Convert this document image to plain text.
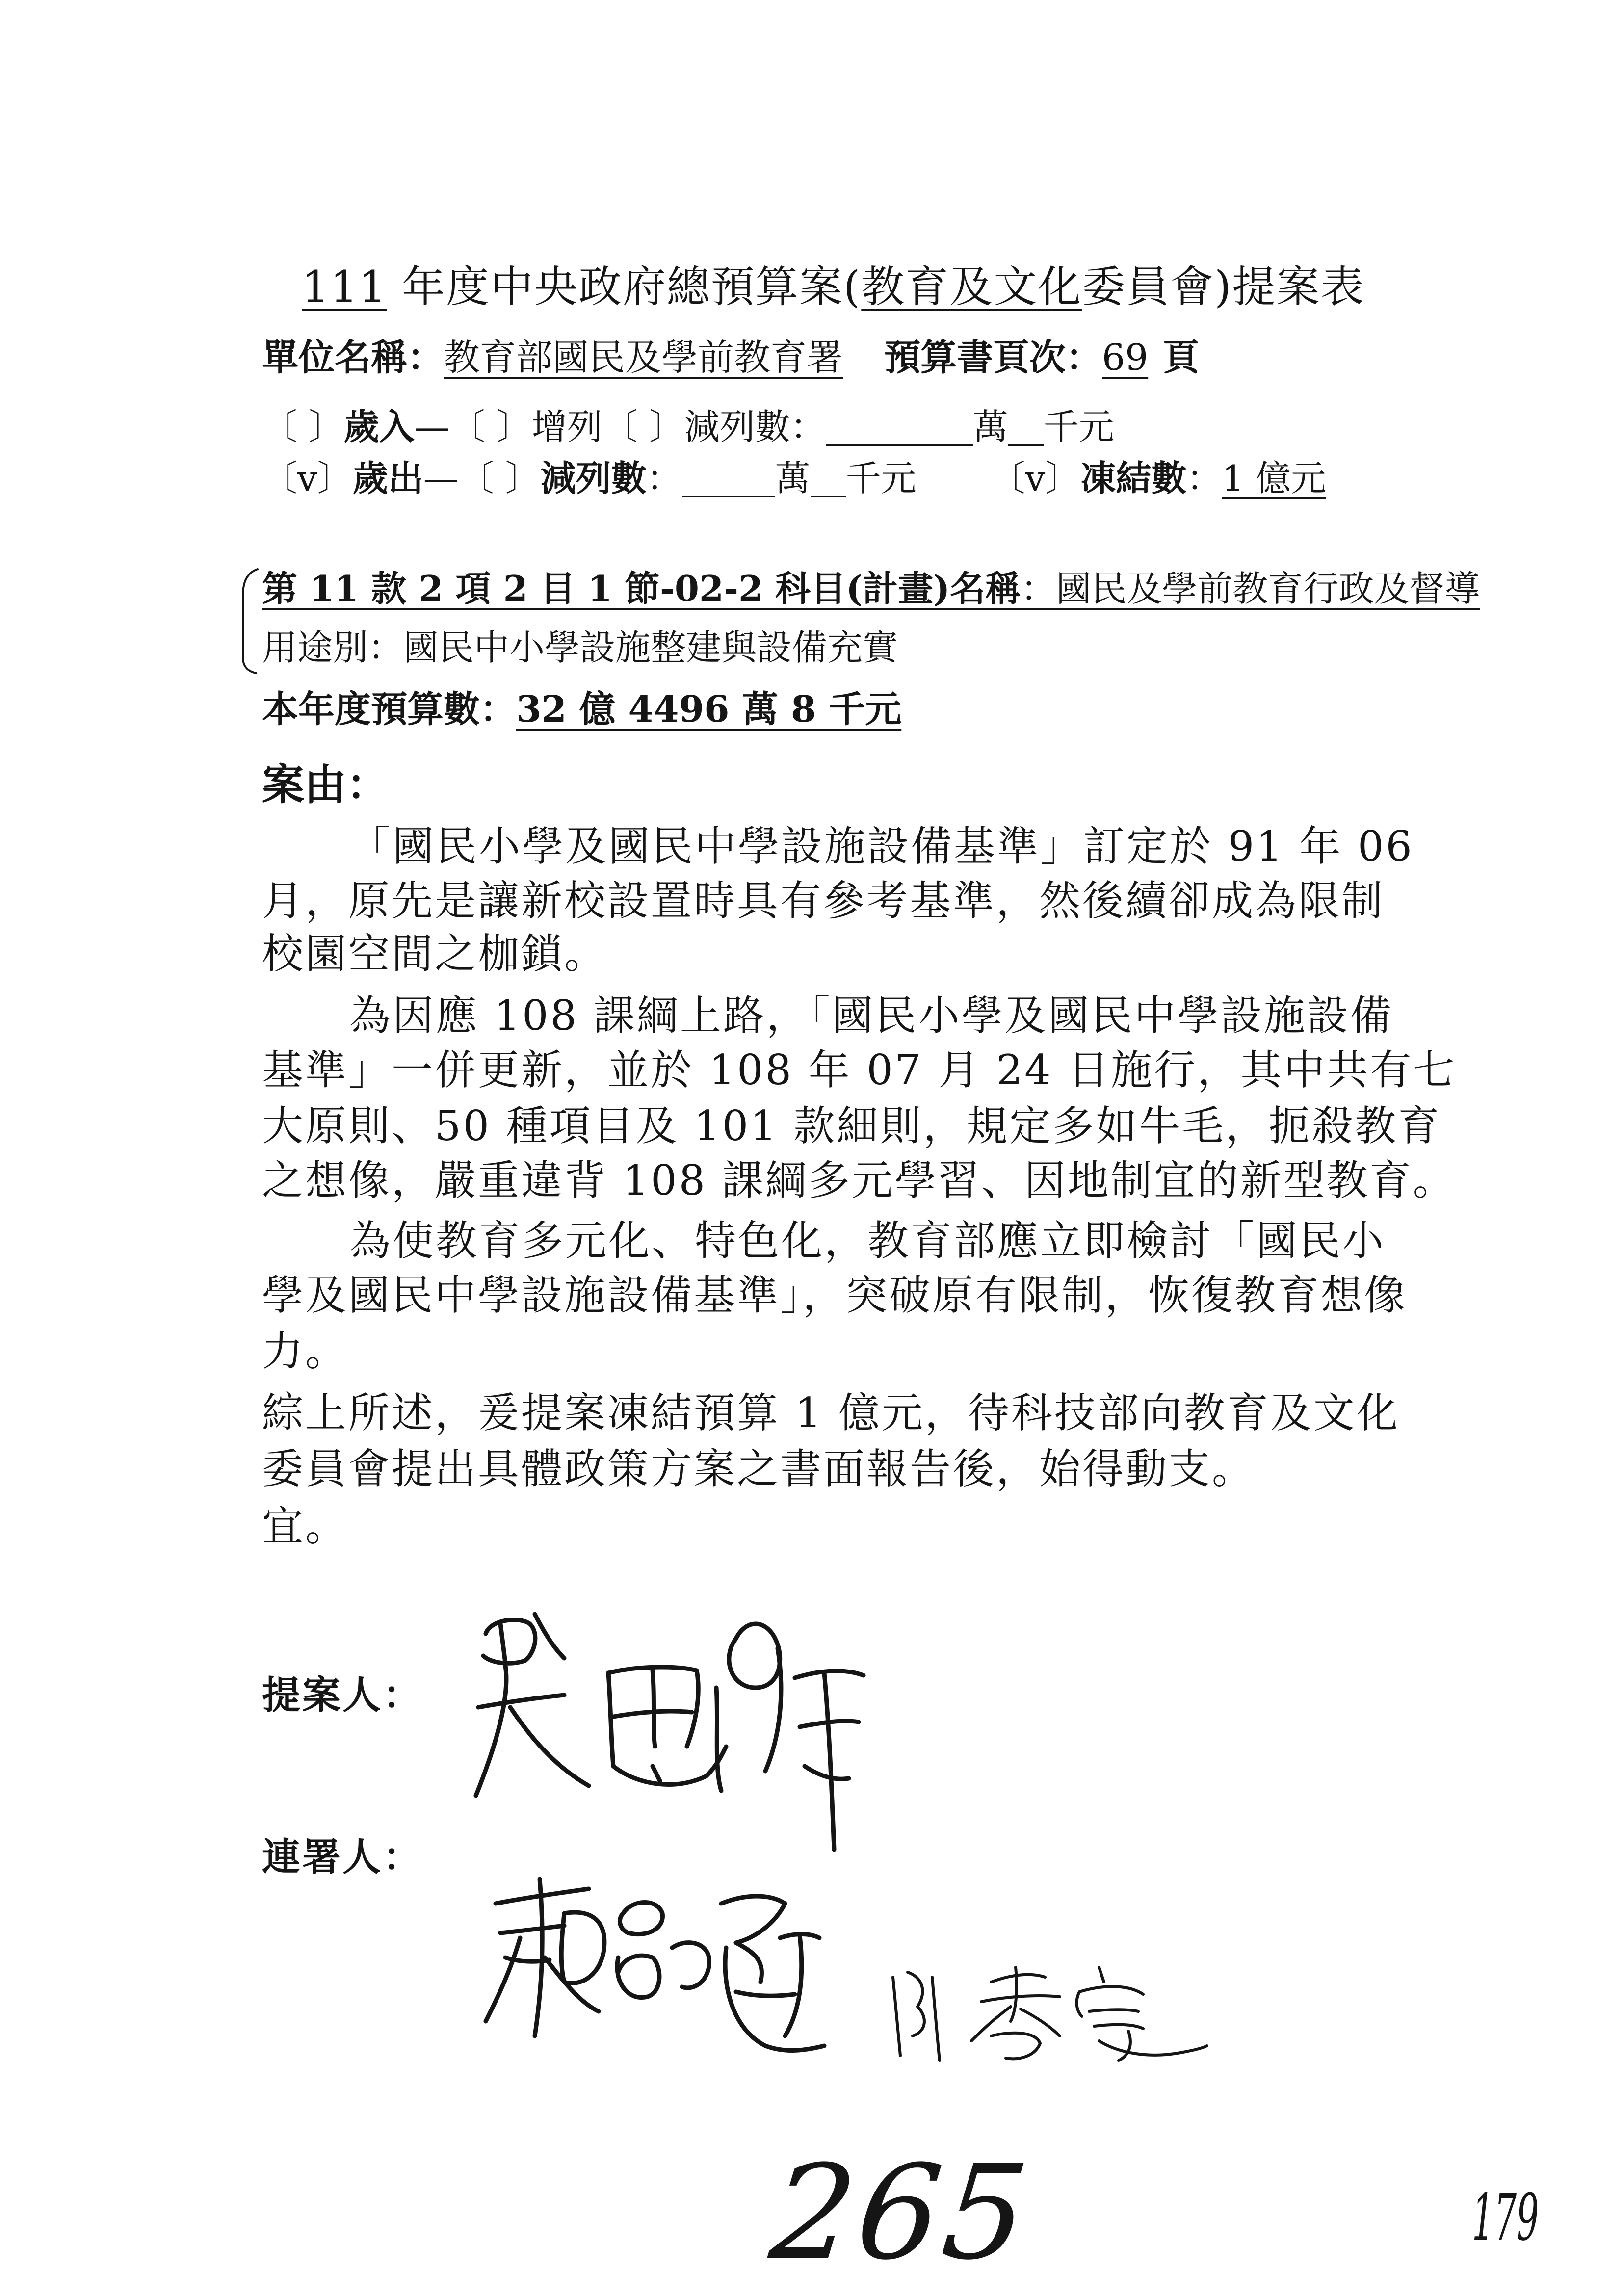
111 年度中央政府總預算案(教育及文化委員會)提案表
單位名稱：教育部國民及學前教育署 預算書頁次：69 頁
〔 〕歲入—〔 〕增列〔 〕減列數：	萬 千元
〔v〕歲出—〔 〕減列數：	萬 千元 〔v〕凍結數：1 億元
第 11 款 2 項 2 目 1 節-02-2 科目(計畫)名稱：國民及學前教育行政及督導
用途別：國民中小學設施整建與設備充實
本年度預算數：32 億 4496 萬 8 千元
案由：
「國民小學及國民中學設施設備基準」訂定於 91 年 06
月，原先是讓新校設置時具有參考基準，然後續卻成為限制
校園空間之枷鎖。
為因應 108 課綱上路，「國民小學及國民中學設施設備
基準」一併更新，並於 108 年 07 月 24 日施行，其中共有七
大原則、50 種項目及 101 款細則，規定多如牛毛，扼殺教育
之想像，嚴重違背 108 課綱多元學習、因地制宜的新型教育。
為使教育多元化、特色化，教育部應立即檢討「國民小
學及國民中學設施設備基準」，突破原有限制，恢復教育想像
力。
綜上所述，爰提案凍結預算 1 億元，待科技部向教育及文化
委員會提出具體政策方案之書面報告後，始得動支。
宜。
提案人：
連署人：
265	179
